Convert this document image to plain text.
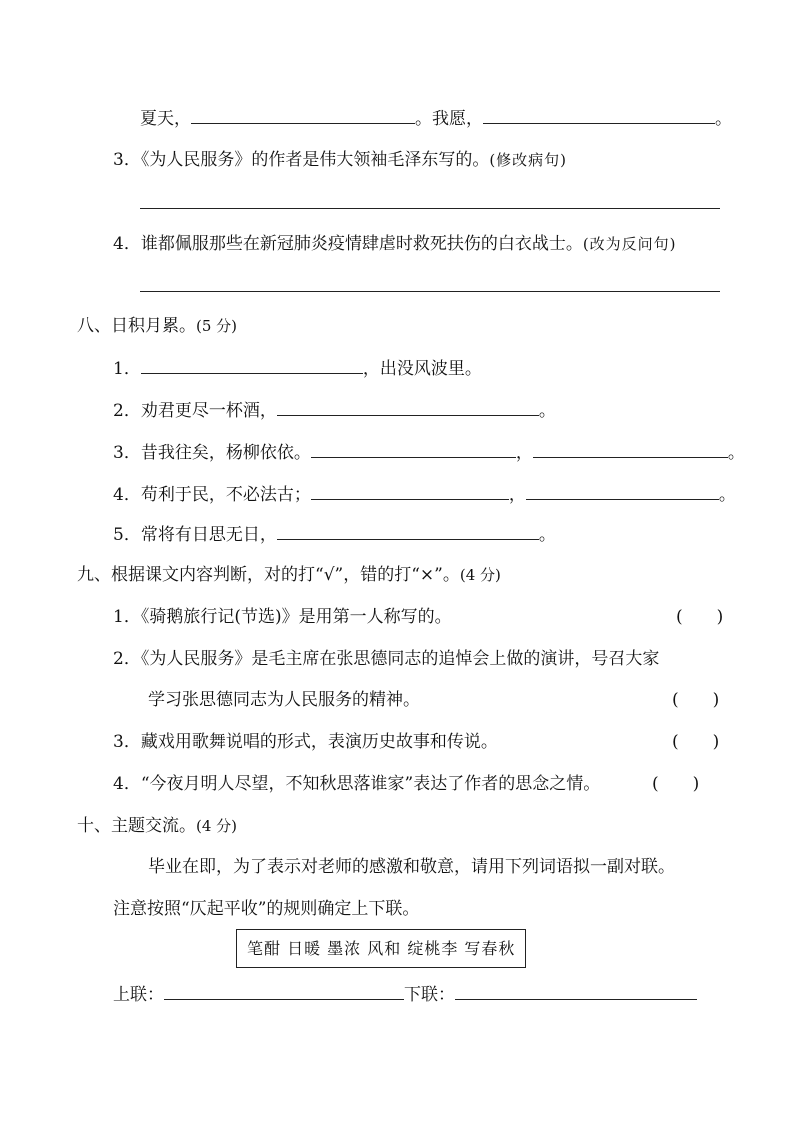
夏天，	。我愿，	。
3．《为人民服务》的作者是伟大领袖毛泽东写的。(修改病句)
4．谁都佩服那些在新冠肺炎疫情肆虐时救死扶伤的白衣战士。(改为反问句)
八、日积月累。(5 分)
1．	，出没风波里。
2．劝君更尽一杯酒，	。
3．昔我往矣，杨柳依依。	，	。
4．苟利于民，不必法古；	，	。
5．常将有日思无日，	。
九、根据课文内容判断，对的打“√”，错的打“×”。(4 分)
1．《骑鹅旅行记(节选)》是用第一人称写的。	(　　)
2．《为人民服务》是毛主席在张思德同志的追悼会上做的演讲，号召大家
学习张思德同志为人民服务的精神。	(　　)
3．藏戏用歌舞说唱的形式，表演历史故事和传说。	(　　)
4．“今夜月明人尽望，不知秋思落谁家”表达了作者的思念之情。	(　　)
十、主题交流。(4 分)
毕业在即，为了表示对老师的感激和敬意，请用下列词语拟一副对联。
注意按照“仄起平收”的规则确定上下联。
笔酣 日暖 墨浓 风和 绽桃李 写春秋
上联：	下联：
